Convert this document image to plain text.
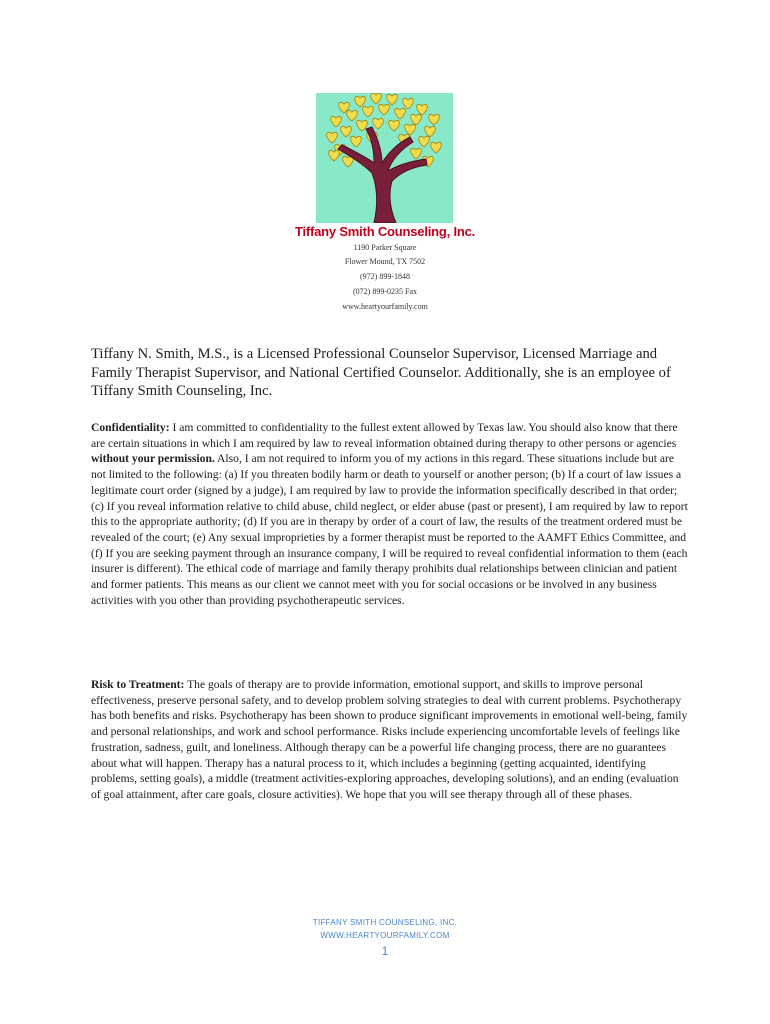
Tiffany Smith Counseling, Inc.
1190 Parker Square
Flower Mound, TX 7502
(972) 899-1848
(072) 899-0235 Fax
www.heartyourfamily.com
Tiffany N. Smith, M.S., is a Licensed Professional Counselor Supervisor, Licensed Marriage and Family Therapist Supervisor, and National Certified Counselor. Additionally, she is an employee of Tiffany Smith Counseling, Inc.
Confidentiality: I am committed to confidentiality to the fullest extent allowed by Texas law. You should also know that there are certain situations in which I am required by law to reveal information obtained during therapy to other persons or agencies without your permission. Also, I am not required to inform you of my actions in this regard. These situations include but are not limited to the following: (a) If you threaten bodily harm or death to yourself or another person; (b) If a court of law issues a legitimate court order (signed by a judge), I am required by law to provide the information specifically described in that order; (c) If you reveal information relative to child abuse, child neglect, or elder abuse (past or present), I am required by law to report this to the appropriate authority; (d) If you are in therapy by order of a court of law, the results of the treatment ordered must be revealed of the court; (e) Any sexual improprieties by a former therapist must be reported to the AAMFT Ethics Committee, and (f) If you are seeking payment through an insurance company, I will be required to reveal confidential information to them (each insurer is different). The ethical code of marriage and family therapy prohibits dual relationships between clinician and patient and former patients. This means as our client we cannot meet with you for social occasions or be involved in any business activities with you other than providing psychotherapeutic services.
Risk to Treatment: The goals of therapy are to provide information, emotional support, and skills to improve personal effectiveness, preserve personal safety, and to develop problem solving strategies to deal with current problems. Psychotherapy has both benefits and risks. Psychotherapy has been shown to produce significant improvements in emotional well-being, family and personal relationships, and work and school performance. Risks include experiencing uncomfortable levels of feelings like frustration, sadness, guilt, and loneliness. Although therapy can be a powerful life changing process, there are no guarantees about what will happen. Therapy has a natural process to it, which includes a beginning (getting acquainted, identifying problems, setting goals), a middle (treatment activities-exploring approaches, developing solutions), and an ending (evaluation of goal attainment, after care goals, closure activities). We hope that you will see therapy through all of these phases.
TIFFANY SMITH COUNSELING, INC.
WWW.HEARTYOURFAMILY.COM
1
